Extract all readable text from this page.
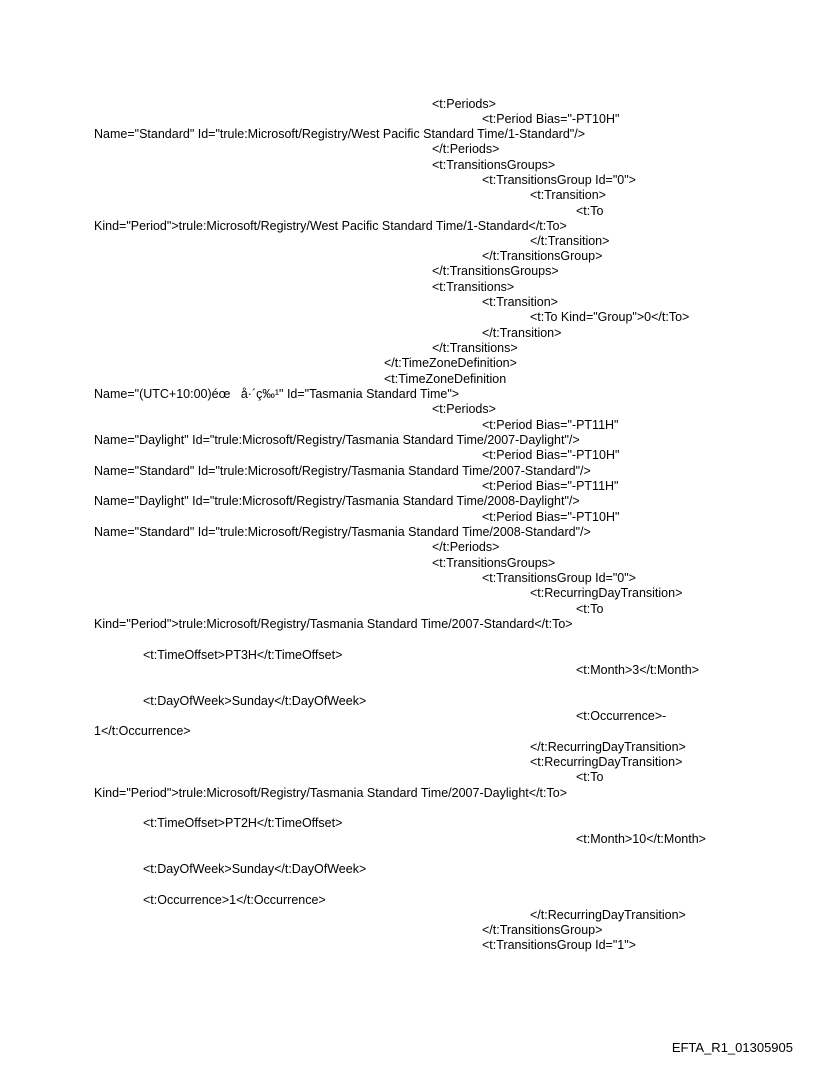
<t:Periods>
<t:Period Bias="-PT10H"
Name="Standard" Id="trule:Microsoft/Registry/West Pacific Standard Time/1-Standard"/>
</t:Periods>
<t:TransitionsGroups>
<t:TransitionsGroup Id="0">
<t:Transition>
<t:To
Kind="Period">trule:Microsoft/Registry/West Pacific Standard Time/1-Standard</t:To>
</t:Transition>
</t:TransitionsGroup>
</t:TransitionsGroups>
<t:Transitions>
<t:Transition>
<t:To Kind="Group">0</t:To>
</t:Transition>
</t:Transitions>
</t:TimeZoneDefinition>
<t:TimeZoneDefinition
Name="(UTC+10:00)éœ   å·´ç‰¹" Id="Tasmania Standard Time">
<t:Periods>
<t:Period Bias="-PT11H"
Name="Daylight" Id="trule:Microsoft/Registry/Tasmania Standard Time/2007-Daylight"/>
<t:Period Bias="-PT10H"
Name="Standard" Id="trule:Microsoft/Registry/Tasmania Standard Time/2007-Standard"/>
<t:Period Bias="-PT11H"
Name="Daylight" Id="trule:Microsoft/Registry/Tasmania Standard Time/2008-Daylight"/>
<t:Period Bias="-PT10H"
Name="Standard" Id="trule:Microsoft/Registry/Tasmania Standard Time/2008-Standard"/>
</t:Periods>
<t:TransitionsGroups>
<t:TransitionsGroup Id="0">
<t:RecurringDayTransition>
<t:To
Kind="Period">trule:Microsoft/Registry/Tasmania Standard Time/2007-Standard</t:To>
<t:TimeOffset>PT3H</t:TimeOffset>
<t:Month>3</t:Month>
<t:DayOfWeek>Sunday</t:DayOfWeek>
<t:Occurrence>-
1</t:Occurrence>
</t:RecurringDayTransition>
<t:RecurringDayTransition>
<t:To
Kind="Period">trule:Microsoft/Registry/Tasmania Standard Time/2007-Daylight</t:To>
<t:TimeOffset>PT2H</t:TimeOffset>
<t:Month>10</t:Month>
<t:DayOfWeek>Sunday</t:DayOfWeek>
<t:Occurrence>1</t:Occurrence>
</t:RecurringDayTransition>
</t:TransitionsGroup>
<t:TransitionsGroup Id="1">
EFTA_R1_01305905
